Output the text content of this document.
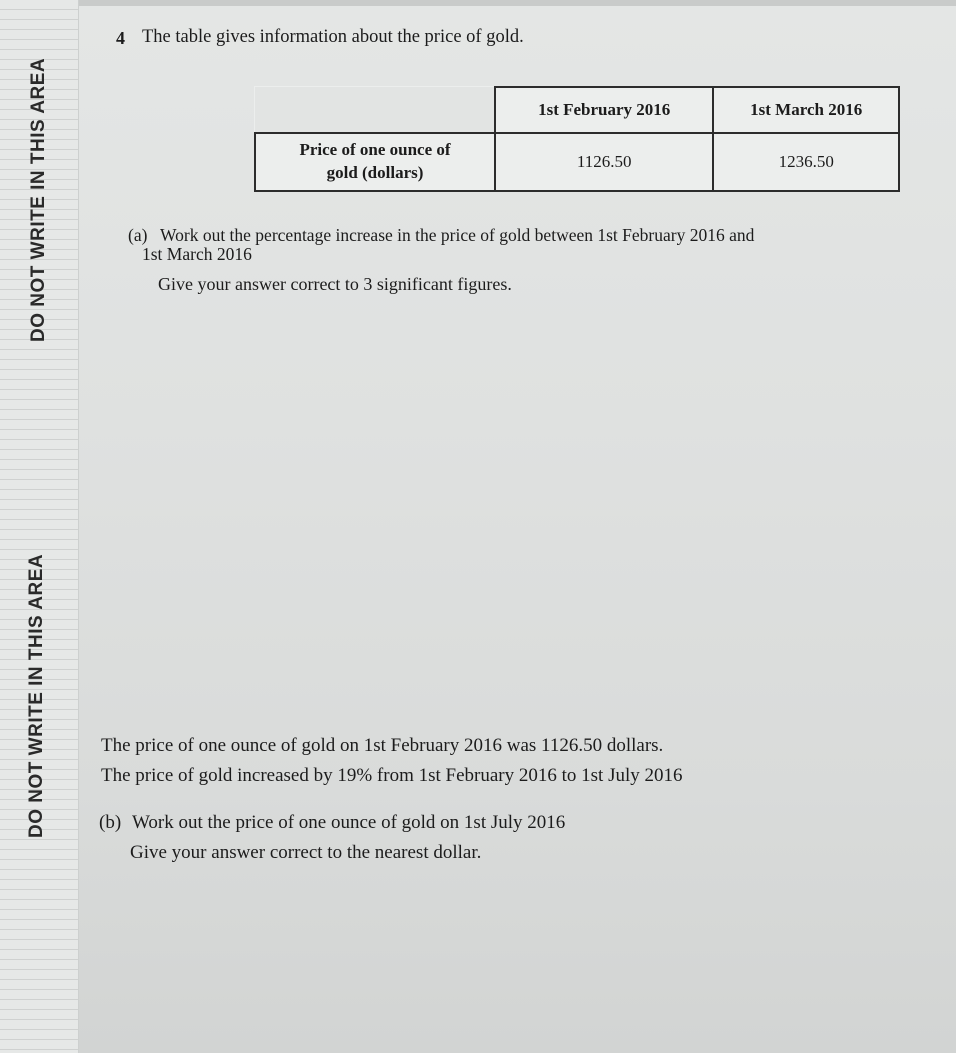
DO NOT WRITE IN THIS AREA
DO NOT WRITE IN THIS AREA
4 The table gives information about the price of gold.
	1st February 2016	1st March 2016
Price of one ounce of
gold (dollars)	1126.50	1236.50
(a) Work out the percentage increase in the price of gold between 1st February 2016 and
1st March 2016
Give your answer correct to 3 significant figures.
The price of one ounce of gold on 1st February 2016 was 1126.50 dollars.
The price of gold increased by 19% from 1st February 2016 to 1st July 2016
(b) Work out the price of one ounce of gold on 1st July 2016
Give your answer correct to the nearest dollar.
